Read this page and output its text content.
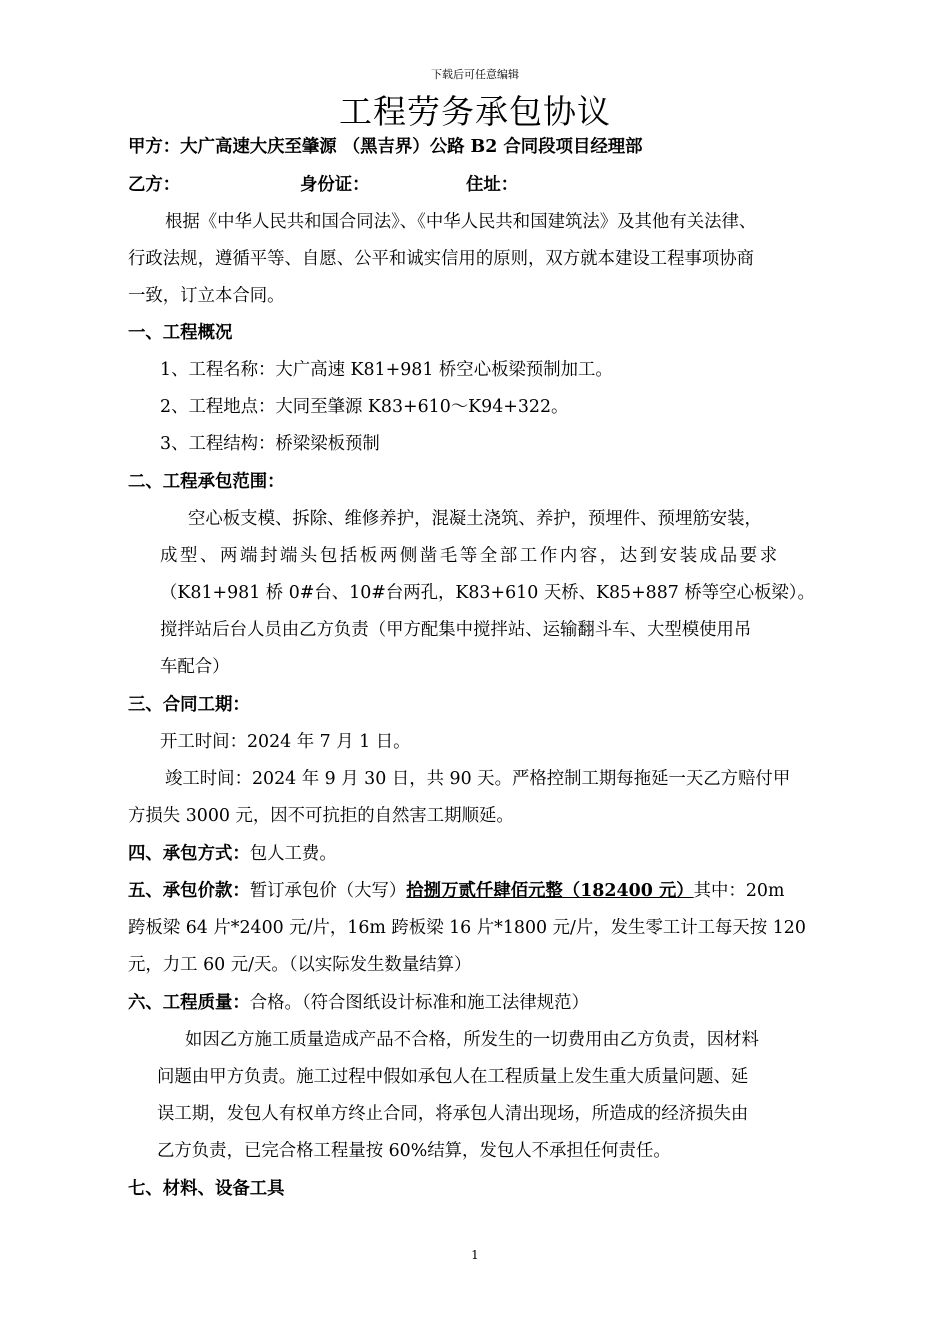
下载后可任意编辑
工程劳务承包协议
甲方：大广高速大庆至肇源 （黑吉界）公路 B2 合同段项目经理部
乙方：	身份证：	住址：
根据《中华人民共和国合同法》、《中华人民共和国建筑法》及其他有关法律、
行政法规，遵循平等、自愿、公平和诚实信用的原则，双方就本建设工程事项协商
一致，订立本合同。
一、工程概况
1、工程名称：大广高速 K81+981 桥空心板梁预制加工。
2、工程地点：大同至肇源 K83+610～K94+322。
3、工程结构：桥梁梁板预制
二、工程承包范围：
空心板支模、拆除、维修养护，混凝土浇筑、养护，预埋件、预埋筋安装，
成型、两端封端头包括板两侧凿毛等全部工作内容，达到安装成品要求
（K81+981 桥 0#台、10#台两孔，K83+610 天桥、K85+887 桥等空心板梁）。
搅拌站后台人员由乙方负责（甲方配集中搅拌站、运输翻斗车、大型模使用吊
车配合）
三、合同工期：
开工时间：2024 年 7 月 1 日。
竣工时间：2024 年 9 月 30 日，共 90 天。严格控制工期每拖延一天乙方赔付甲
方损失 3000 元，因不可抗拒的自然害工期顺延。
四、承包方式：包人工费。
五、承包价款：暂订承包价（大写）拾捌万贰仟肆佰元整（182400 元）其中：20m
跨板梁 64 片*2400 元/片，16m 跨板梁 16 片*1800 元/片，发生零工计工每天按 120
元，力工 60 元/天。（以实际发生数量结算）
六、工程质量：合格。（符合图纸设计标准和施工法律规范）
如因乙方施工质量造成产品不合格，所发生的一切费用由乙方负责，因材料
问题由甲方负责。施工过程中假如承包人在工程质量上发生重大质量问题、延
误工期，发包人有权单方终止合同，将承包人清出现场，所造成的经济损失由
乙方负责，已完合格工程量按 60%结算，发包人不承担任何责任。
七、材料、设备工具
1
